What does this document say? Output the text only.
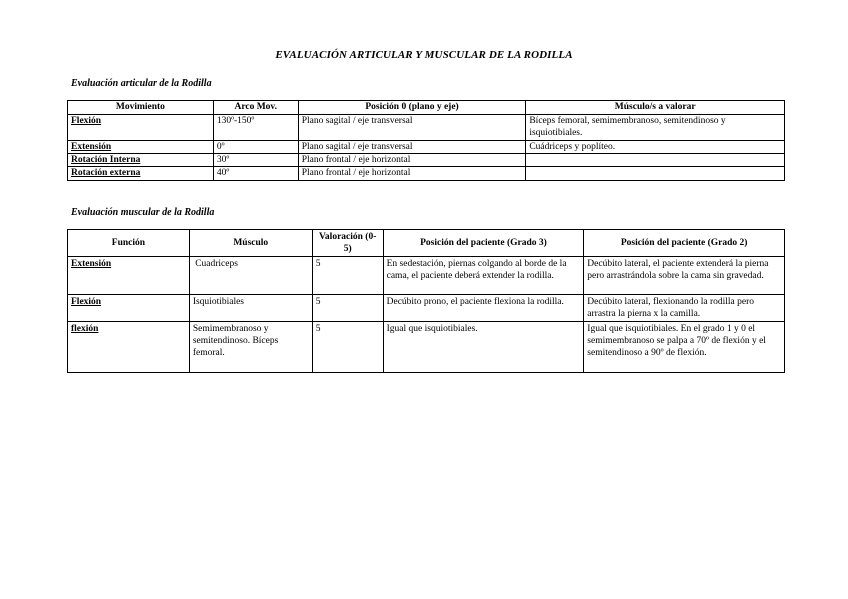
EVALUACIÓN ARTICULAR Y MUSCULAR DE LA RODILLA
Evaluación articular de la Rodilla
Movimiento	Arco Mov.	Posición 0 (plano y eje)	Músculo/s a valorar
Flexión	130º-150º	Plano sagital / eje transversal	Bíceps femoral, semimembranoso, semitendinoso y isquiotibiales.
Extensión	0º	Plano sagital / eje transversal	Cuádriceps y poplíteo.
Rotación Interna	30º	Plano frontal / eje horizontal	
Rotación externa	40º	Plano frontal / eje horizontal	
Evaluación muscular de la Rodilla
Función	Músculo	Valoración (0-5)	Posición del paciente (Grado 3)	Posición del paciente (Grado 2)
Extensión	Cuadriceps	5	En sedestación, piernas colgando al borde de la cama, el paciente deberá extender la rodilla.	Decúbito lateral, el paciente extenderá la pierna pero arrastrándola sobre la cama sin gravedad.
Flexión	Isquiotibiales	5	Decúbito prono, el paciente flexiona la rodilla.	Decúbito lateral, flexionando la rodilla pero arrastra la pierna x la camilla.
flexión	Semimembranoso y semitendinoso. Bíceps femoral.	5	Igual que isquiotibiales.	Igual que isquiotibiales. En el grado 1 y 0 el semimembranoso se palpa a 70º de flexión y el semitendinoso a 90º de flexión.
